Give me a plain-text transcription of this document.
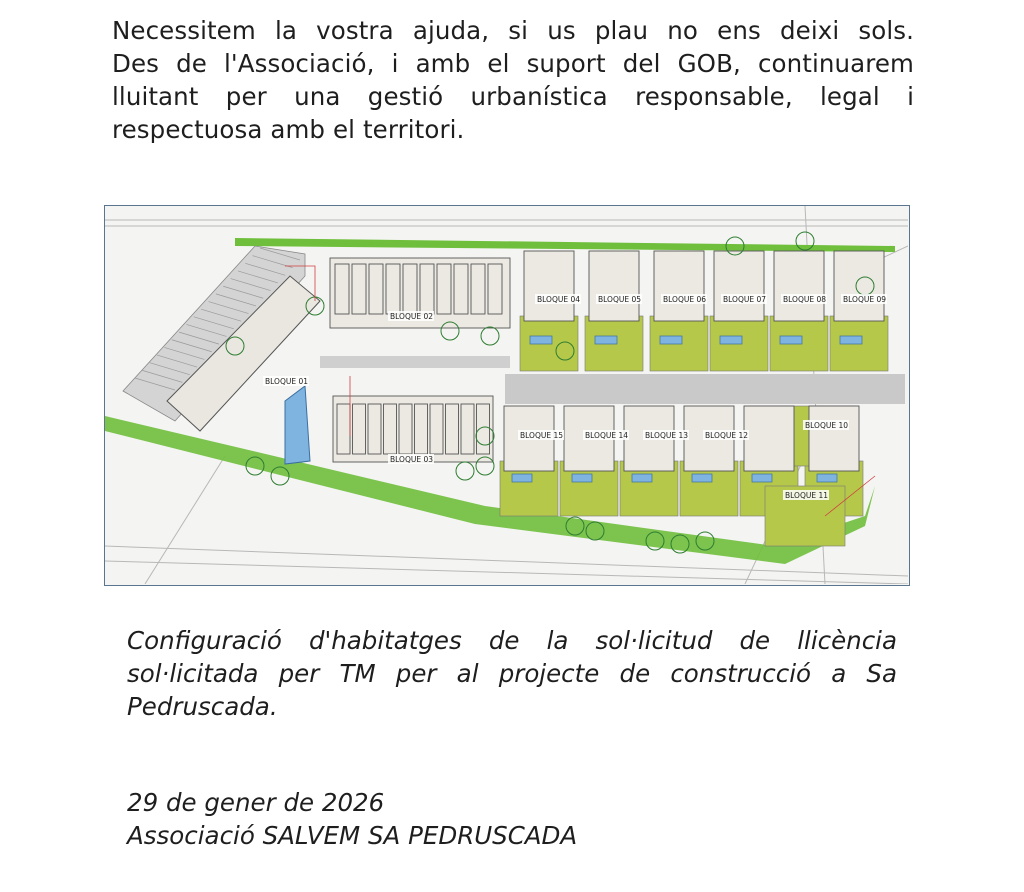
Necessitem la vostra ajuda, si us plau no ens deixi sols.
Des de l'Associació, i amb el suport del GOB, continuarem
lluitant per una gestió urbanística responsable, legal i
respectuosa amb el territori.
BLOQUE 01
BLOQUE 02
BLOQUE 03
BLOQUE 04 BLOQUE 05	BLOQUE 06 BLOQUE 07 BLOQUE 08 BLOQUE 09
BLOQUE 10
BLOQUE 11
BLOQUE 12
BLOQUE 13
BLOQUE 14
BLOQUE 15
Configuració d'habitatges de la sol·licitud de llicència
sol·licitada per TM per al projecte de construcció a Sa
Pedruscada.
29 de gener de 2026
Associació SALVEM SA PEDRUSCADA
